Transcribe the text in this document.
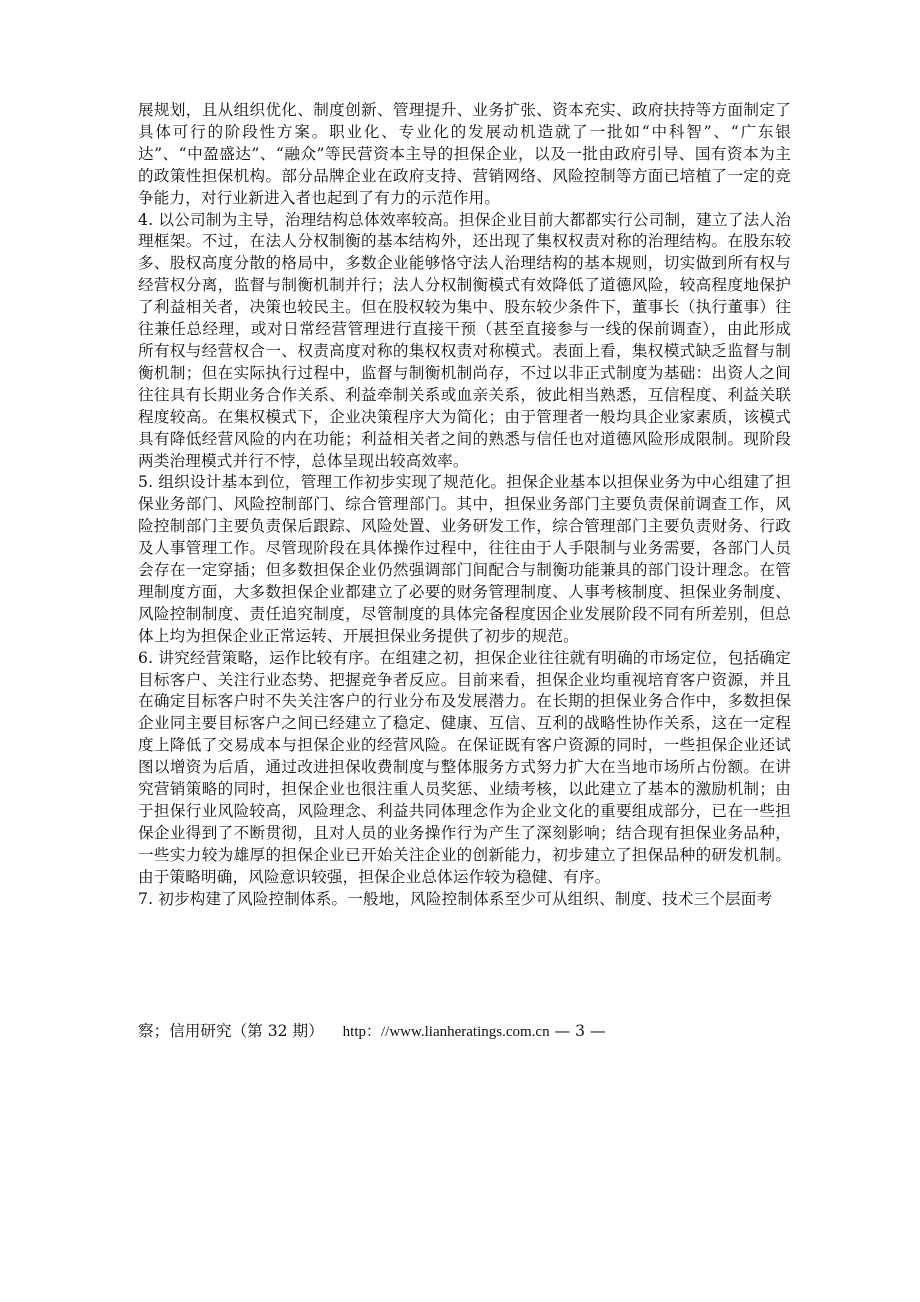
展规划，且从组织优化、制度创新、管理提升、业务扩张、资本充实、政府扶持等方面制定了具体可行的阶段性方案。职业化、专业化的发展动机造就了一批如“中科智”、“广东银达”、“中盈盛达”、“融众”等民营资本主导的担保企业，以及一批由政府引导、国有资本为主的政策性担保机构。部分品牌企业在政府支持、营销网络、风险控制等方面已培植了一定的竞争能力，对行业新进入者也起到了有力的示范作用。

4. 以公司制为主导，治理结构总体效率较高。担保企业目前大都都实行公司制，建立了法人治理框架。不过，在法人分权制衡的基本结构外，还出现了集权权责对称的治理结构。在股东较多、股权高度分散的格局中，多数企业能够恪守法人治理结构的基本规则，切实做到所有权与经营权分离，监督与制衡机制并行；法人分权制衡模式有效降低了道德风险，较高程度地保护了利益相关者，决策也较民主。但在股权较为集中、股东较少条件下，董事长（执行董事）往往兼任总经理，或对日常经营管理进行直接干预（甚至直接参与一线的保前调查），由此形成所有权与经营权合一、权责高度对称的集权权责对称模式。表面上看，集权模式缺乏监督与制衡机制；但在实际执行过程中，监督与制衡机制尚存，不过以非正式制度为基础：出资人之间往往具有长期业务合作关系、利益牵制关系或血亲关系，彼此相当熟悉，互信程度、利益关联程度较高。在集权模式下，企业决策程序大为简化；由于管理者一般均具企业家素质，该模式具有降低经营风险的内在功能；利益相关者之间的熟悉与信任也对道德风险形成限制。现阶段两类治理模式并行不悖，总体呈现出较高效率。

5. 组织设计基本到位，管理工作初步实现了规范化。担保企业基本以担保业务为中心组建了担保业务部门、风险控制部门、综合管理部门。其中，担保业务部门主要负责保前调查工作，风险控制部门主要负责保后跟踪、风险处置、业务研发工作，综合管理部门主要负责财务、行政及人事管理工作。尽管现阶段在具体操作过程中，往往由于人手限制与业务需要，各部门人员会存在一定穿插；但多数担保企业仍然强调部门间配合与制衡功能兼具的部门设计理念。在管理制度方面，大多数担保企业都建立了必要的财务管理制度、人事考核制度、担保业务制度、风险控制制度、责任追究制度，尽管制度的具体完备程度因企业发展阶段不同有所差别，但总体上均为担保企业正常运转、开展担保业务提供了初步的规范。

6. 讲究经营策略，运作比较有序。在组建之初，担保企业往往就有明确的市场定位，包括确定目标客户、关注行业态势、把握竞争者反应。目前来看，担保企业均重视培育客户资源，并且在确定目标客户时不失关注客户的行业分布及发展潜力。在长期的担保业务合作中，多数担保企业同主要目标客户之间已经建立了稳定、健康、互信、互利的战略性协作关系，这在一定程度上降低了交易成本与担保企业的经营风险。在保证既有客户资源的同时，一些担保企业还试图以增资为后盾，通过改进担保收费制度与整体服务方式努力扩大在当地市场所占份额。在讲究营销策略的同时，担保企业也很注重人员奖惩、业绩考核，以此建立了基本的激励机制；由于担保行业风险较高，风险理念、利益共同体理念作为企业文化的重要组成部分，已在一些担保企业得到了不断贯彻，且对人员的业务操作行为产生了深刻影响；结合现有担保业务品种，一些实力较为雄厚的担保企业已开始关注企业的创新能力，初步建立了担保品种的研发机制。由于策略明确，风险意识较强，担保企业总体运作较为稳健、有序。

7. 初步构建了风险控制体系。一般地，风险控制体系至少可从组织、制度、技术三个层面考

察；信用研究（第 32 期） http：//www.lianheratings.com.cn — 3 —
